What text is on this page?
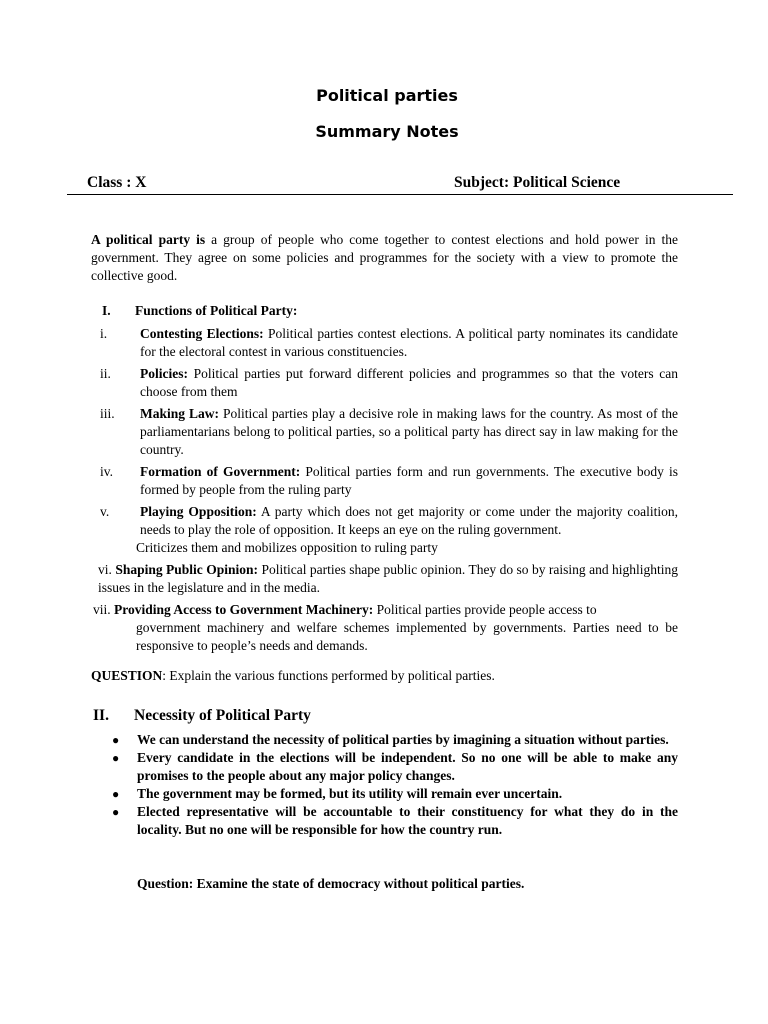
Political parties
Summary Notes
Class : X	Subject: Political Science
A political party is a group of people who come together to contest elections and hold power in the government. They agree on some policies and programmes for the society with a view to promote the collective good.
I. Functions of Political Party:
i. Contesting Elections: Political parties contest elections. A political party nominates its candidate for the electoral contest in various constituencies.
ii. Policies: Political parties put forward different policies and programmes so that the voters can choose from them
iii. Making Law: Political parties play a decisive role in making laws for the country. As most of the parliamentarians belong to political parties, so a political party has direct say in law making for the country.
iv. Formation of Government: Political parties form and run governments. The executive body is formed by people from the ruling party
v. Playing Opposition: A party which does not get majority or come under the majority coalition, needs to play the role of opposition. It keeps an eye on the ruling government.
Criticizes them and mobilizes opposition to ruling party
vi. Shaping Public Opinion: Political parties shape public opinion. They do so by raising and highlighting issues in the legislature and in the media.
vii. Providing Access to Government Machinery: Political parties provide people access to
government machinery and welfare schemes implemented by governments. Parties need to be responsive to people’s needs and demands.
QUESTION: Explain the various functions performed by political parties.
II. Necessity of Political Party
● We can understand the necessity of political parties by imagining a situation without parties.
● Every candidate in the elections will be independent. So no one will be able to make any promises to the people about any major policy changes.
● The government may be formed, but its utility will remain ever uncertain.
● Elected representative will be accountable to their constituency for what they do in the locality. But no one will be responsible for how the country run.
Question: Examine the state of democracy without political parties.
